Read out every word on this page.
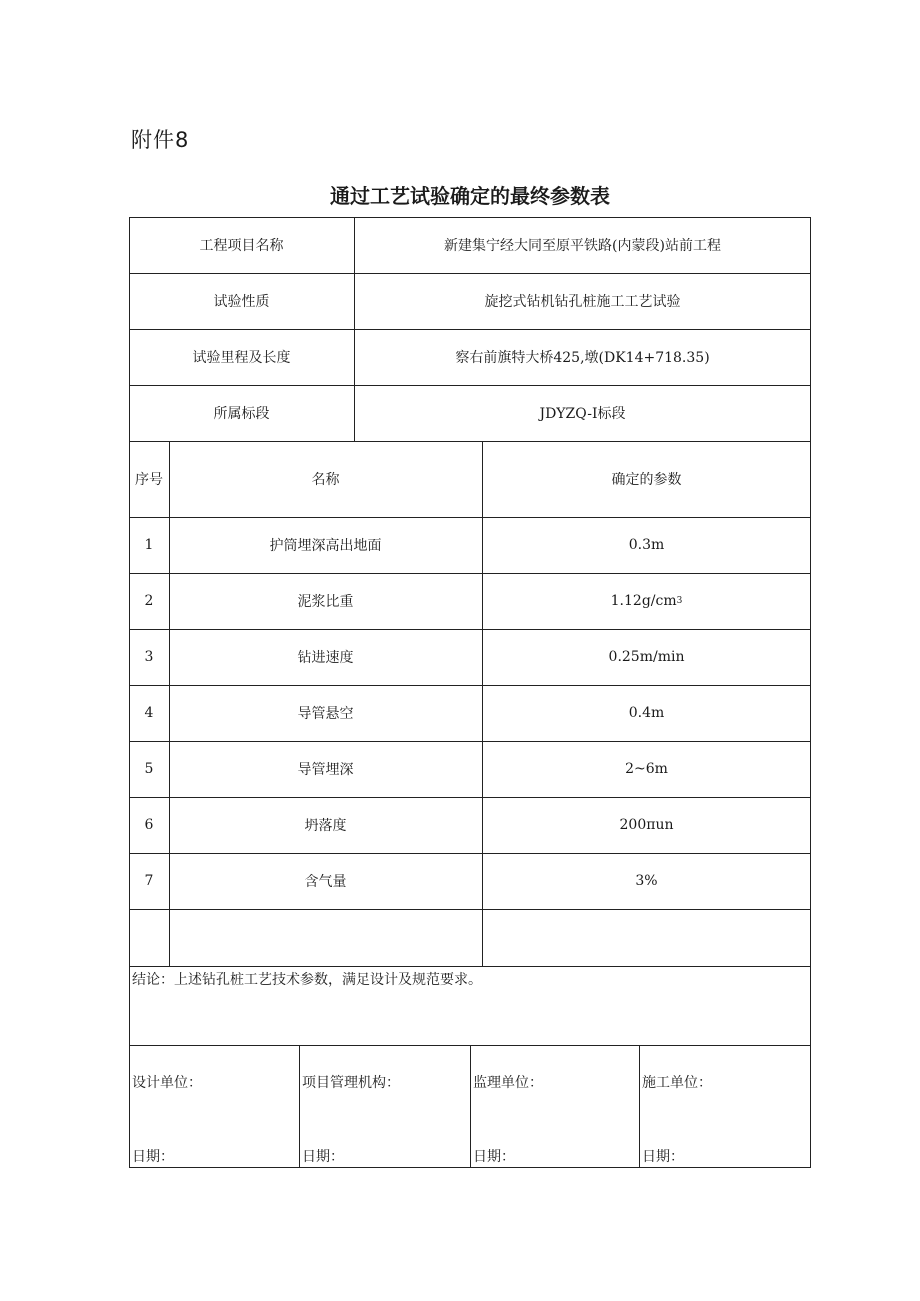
附件8
通过工艺试验确定的最终参数表
工程项目名称	新建集宁经大同至原平铁路(内蒙段)站前工程
试验性质	旋挖式钻机钻孔桩施工工艺试验
试验里程及长度	察右前旗特大桥425,墩(DK14+718.35)
所属标段	JDYZQ-I标段
序号	名称	确定的参数
1	护筒埋深高出地面	0.3m
2	泥浆比重	1.12g/cm 3
3	钻进速度	0.25m/min
4	导管悬空	0.4m
5	导管埋深	2~6m
6	坍落度	200πun
7	含气量	3%
结论：上述钻孔桩工艺技术参数，满足设计及规范要求。
设计单位：
日期：
项目管理机构：
日期：
监理单位：
日期：
施工单位：
日期：
